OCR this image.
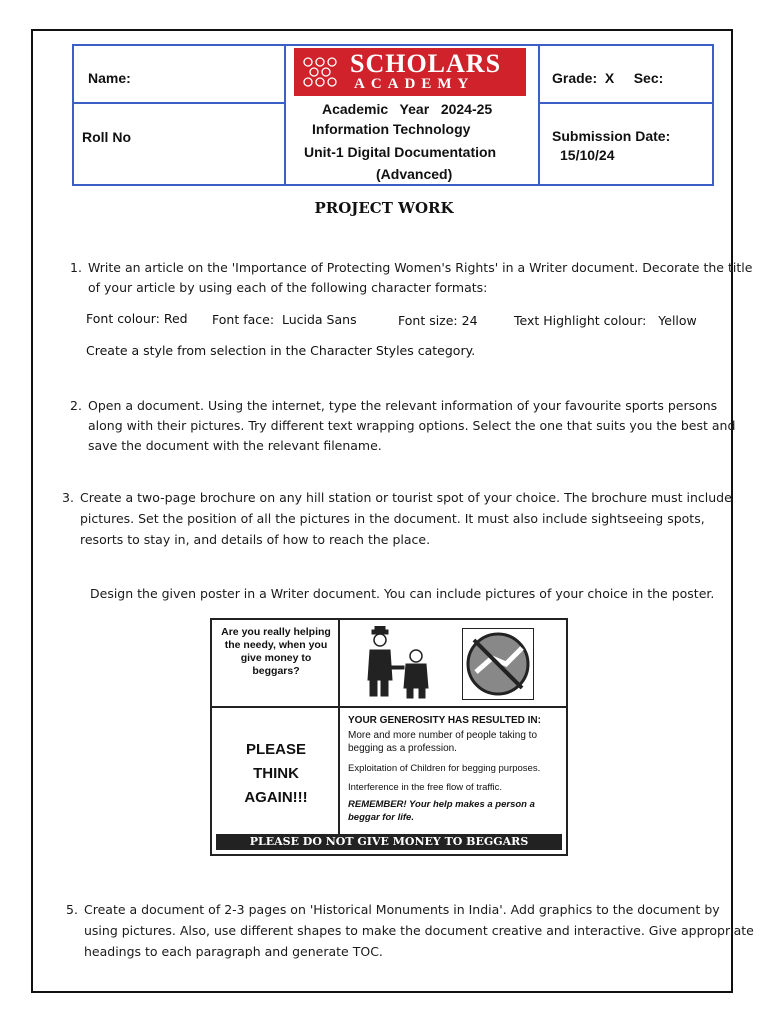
Name:
Roll No
Grade:  X     Sec:
Submission Date:
15/10/24
SCHOLARS
ACADEMY
Academic   Year   2024-25
Information Technology
Unit-1 Digital Documentation
(Advanced)
PROJECT WORK
1. Write an article on the 'Importance of Protecting Women's Rights' in a Writer document. Decorate the title
of your article by using each of the following character formats:
Font colour: Red Font face:  Lucida Sans	Font size: 24	Text Highlight colour:   Yellow
Create a style from selection in the Character Styles category.
2. Open a document. Using the internet, type the relevant information of your favourite sports persons
along with their pictures. Try different text wrapping options. Select the one that suits you the best and
save the document with the relevant filename.
3. Create a two-page brochure on any hill station or tourist spot of your choice. The brochure must include
pictures. Set the position of all the pictures in the document. It must also include sightseeing spots,
resorts to stay in, and details of how to reach the place.
Design the given poster in a Writer document. You can include pictures of your choice in the poster.
Are you really helping the needy, when you give money to beggars?
PLEASE
THINK
AGAIN!!!
YOUR GENEROSITY HAS RESULTED IN:
More and more number of people taking to begging as a profession.
Exploitation of Children for begging purposes.
Interference in the free flow of traffic.
REMEMBER! Your help makes a person a beggar for life.
PLEASE DO NOT GIVE MONEY TO BEGGARS
5. Create a document of 2-3 pages on 'Historical Monuments in India'. Add graphics to the document by
using pictures. Also, use different shapes to make the document creative and interactive. Give appropriate
headings to each paragraph and generate TOC.
